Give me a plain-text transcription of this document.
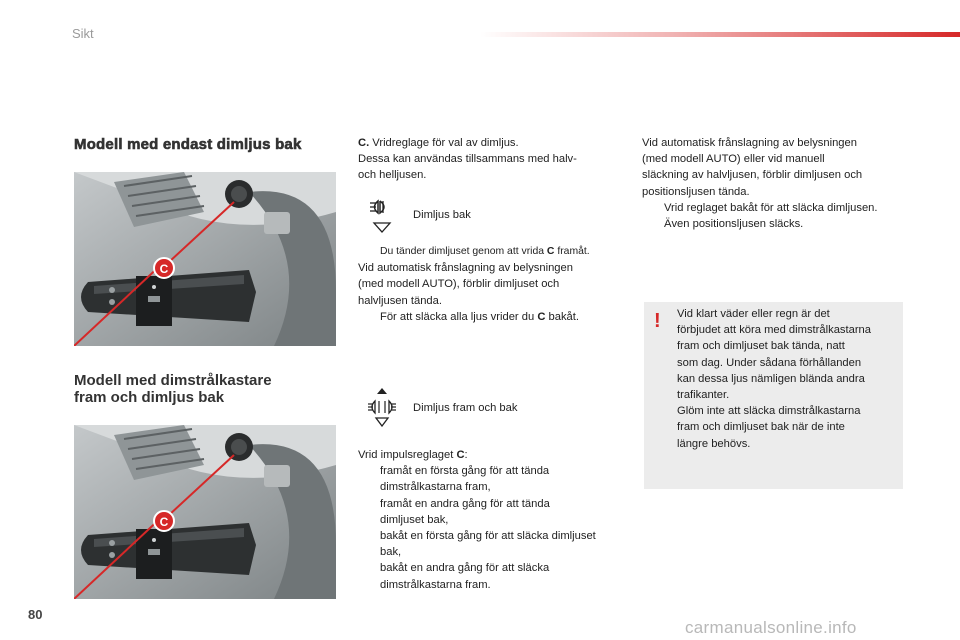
Sikt
Modell med endast dimljus bak
C
Modell med dimstrålkastare
fram och dimljus bak
C
C. Vridreglage för val av dimljus.
Dessa kan användas tillsammans med halv-
och helljusen.
Dimljus bak
Du tänder dimljuset genom att vrida C framåt.
Vid automatisk frånslagning av belysningen
(med modell AUTO), förblir dimljuset och
halvljusen tända.
För att släcka alla ljus vrider du C bakåt.
Dimljus fram och bak
Vrid impulsreglaget C:
framåt en första gång för att tända
dimstrålkastarna fram,
framåt en andra gång för att tända
dimljuset bak,
bakåt en första gång för att släcka dimljuset
bak,
bakåt en andra gång för att släcka
dimstrålkastarna fram.
Vid automatisk frånslagning av belysningen
(med modell AUTO) eller vid manuell
släckning av halvljusen, förblir dimljusen och
positionsljusen tända.
Vrid reglaget bakåt för att släcka dimljusen.
Även positionsljusen släcks.
! Vid klart väder eller regn är det
förbjudet att köra med dimstrålkastarna
fram och dimljuset bak tända, natt
som dag. Under sådana förhållanden
kan dessa ljus nämligen blända andra
trafikanter.
Glöm inte att släcka dimstrålkastarna
fram och dimljuset bak när de inte
längre behövs.
80
carmanualsonline.info
